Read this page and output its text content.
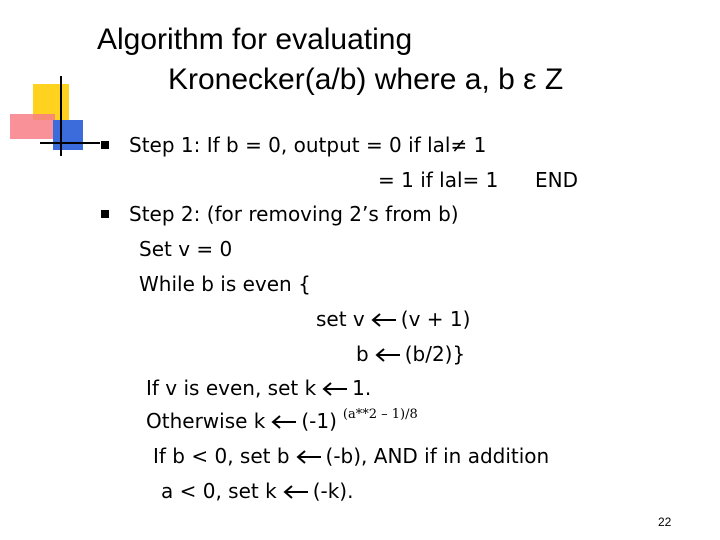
Algorithm for evaluating
Kronecker(a/b) where a, b ε Z
Step 1: If b = 0, output = 0 if lal≠ 1
= 1 if lal= 1 END
Step 2: (for removing 2’s from b)
Set v = 0
While b is even {
set v (v + 1)
b (b/2)}
If v is even, set k 1.
Otherwise k (-1) $^{(a**2 - 1)/8}$
If b < 0, set b (-b), AND if in addition
a < 0, set k (-k).
22
